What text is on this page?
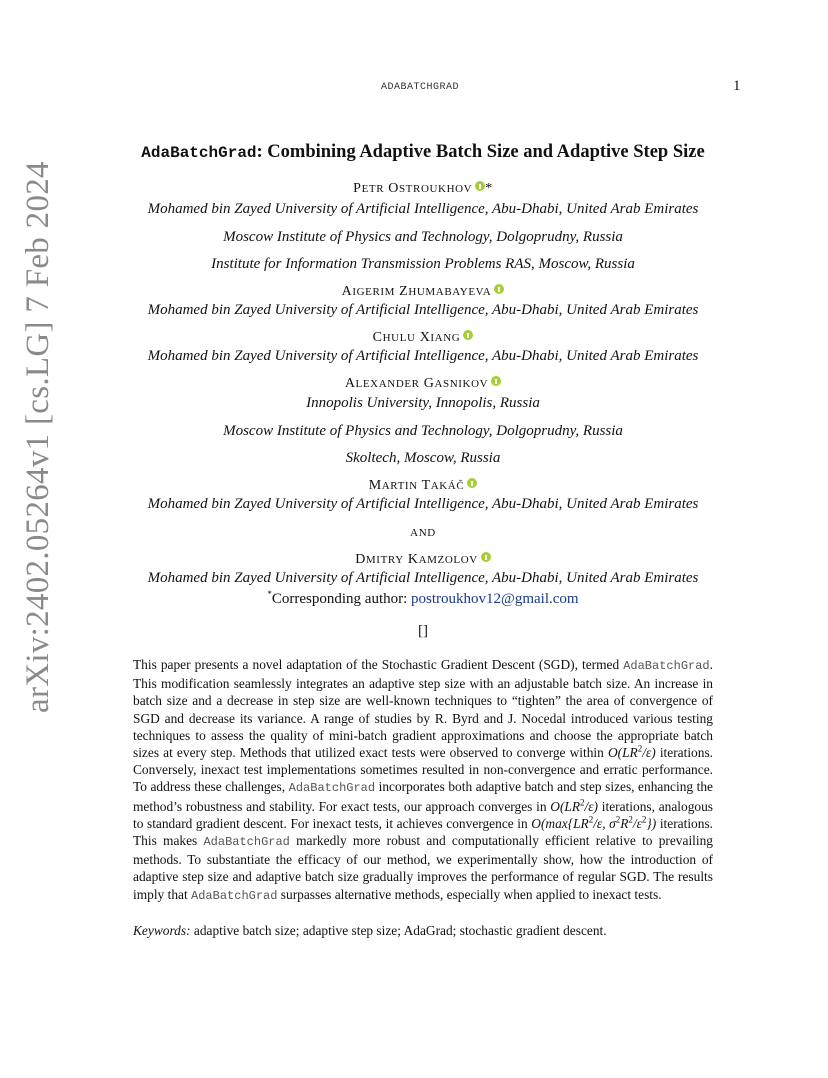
ADABATCHGRAD	1
arXiv:2402.05264v1 [cs.LG] 7 Feb 2024
AdaBatchGrad: Combining Adaptive Batch Size and Adaptive Step Size
PETR OSTROUKHOV *
Mohamed bin Zayed University of Artificial Intelligence, Abu-Dhabi, United Arab Emirates
Moscow Institute of Physics and Technology, Dolgoprudny, Russia
Institute for Information Transmission Problems RAS, Moscow, Russia
AIGERIM ZHUMABAYEVA
Mohamed bin Zayed University of Artificial Intelligence, Abu-Dhabi, United Arab Emirates
CHULU XIANG
Mohamed bin Zayed University of Artificial Intelligence, Abu-Dhabi, United Arab Emirates
ALEXANDER GASNIKOV
Innopolis University, Innopolis, Russia
Moscow Institute of Physics and Technology, Dolgoprudny, Russia
Skoltech, Moscow, Russia
MARTIN TAKÁČ
Mohamed bin Zayed University of Artificial Intelligence, Abu-Dhabi, United Arab Emirates
AND
DMITRY KAMZOLOV
Mohamed bin Zayed University of Artificial Intelligence, Abu-Dhabi, United Arab Emirates
*Corresponding author: postroukhov12@gmail.com
[]
This paper presents a novel adaptation of the Stochastic Gradient Descent (SGD), termed AdaBatchGrad. This modification seamlessly integrates an adaptive step size with an adjustable batch size. An increase in batch size and a decrease in step size are well-known techniques to “tighten” the area of convergence of SGD and decrease its variance. A range of studies by R. Byrd and J. Nocedal introduced various testing techniques to assess the quality of mini-batch gradient approximations and choose the appropriate batch sizes at every step. Methods that utilized exact tests were observed to converge within $O(LR^2/\varepsilon)$ iterations. Conversely, inexact test implementations sometimes resulted in non-convergence and erratic performance. To address these challenges, AdaBatchGrad incorporates both adaptive batch and step sizes, enhancing the method’s robustness and stability. For exact tests, our approach converges in $O(LR^2/\varepsilon)$ iterations, analogous to standard gradient descent. For inexact tests, it achieves convergence in $O(\max\{LR^2/\varepsilon$, $\sigma^2R^2/\varepsilon^2$}) iterations. This makes AdaBatchGrad markedly more robust and computationally efficient relative to prevailing methods. To substantiate the efficacy of our method, we experimentally show, how the introduction of adaptive step size and adaptive batch size gradually improves the performance of regular SGD. The results imply that AdaBatchGrad surpasses alternative methods, especially when applied to inexact tests.
Keywords: adaptive batch size; adaptive step size; AdaGrad; stochastic gradient descent.
